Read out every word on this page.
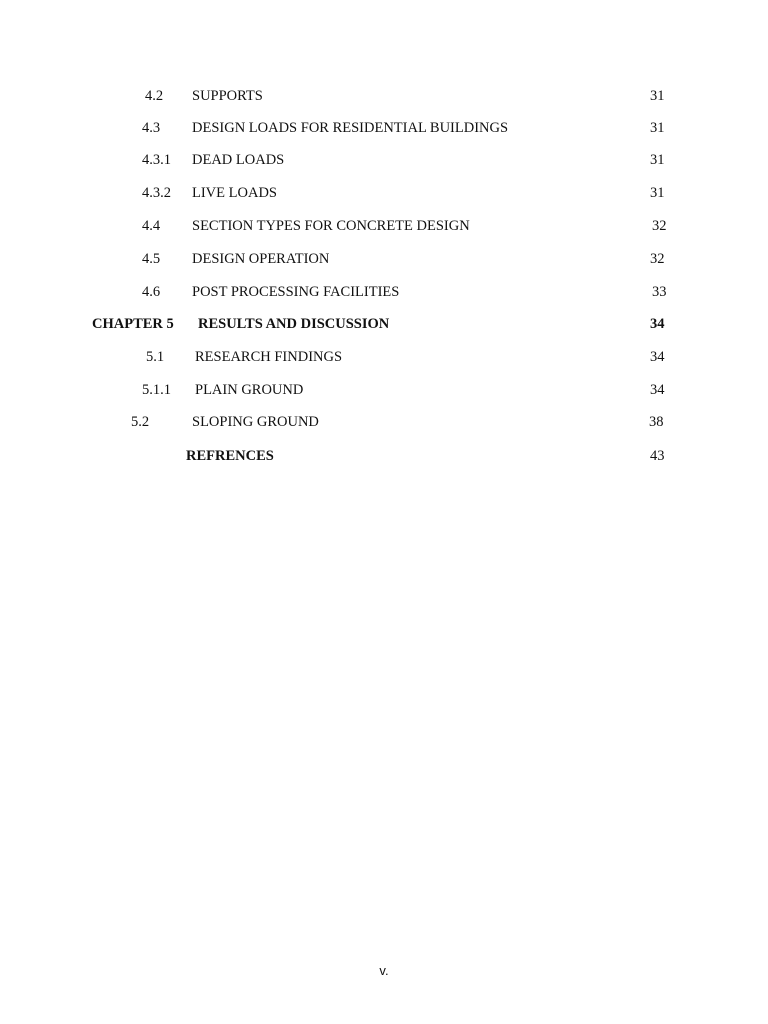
4.2 SUPPORTS	31
4.3 DESIGN LOADS FOR RESIDENTIAL BUILDINGS	31
4.3.1 DEAD LOADS	31
4.3.2 LIVE LOADS	31
4.4 SECTION TYPES FOR CONCRETE DESIGN	32
4.5 DESIGN OPERATION	32
4.6 POST PROCESSING FACILITIES	33
CHAPTER 5 RESULTS AND DISCUSSION	34
5.1 RESEARCH FINDINGS	34
5.1.1 PLAIN GROUND	34
5.2	SLOPING GROUND	38
REFRENCES	43
v.
